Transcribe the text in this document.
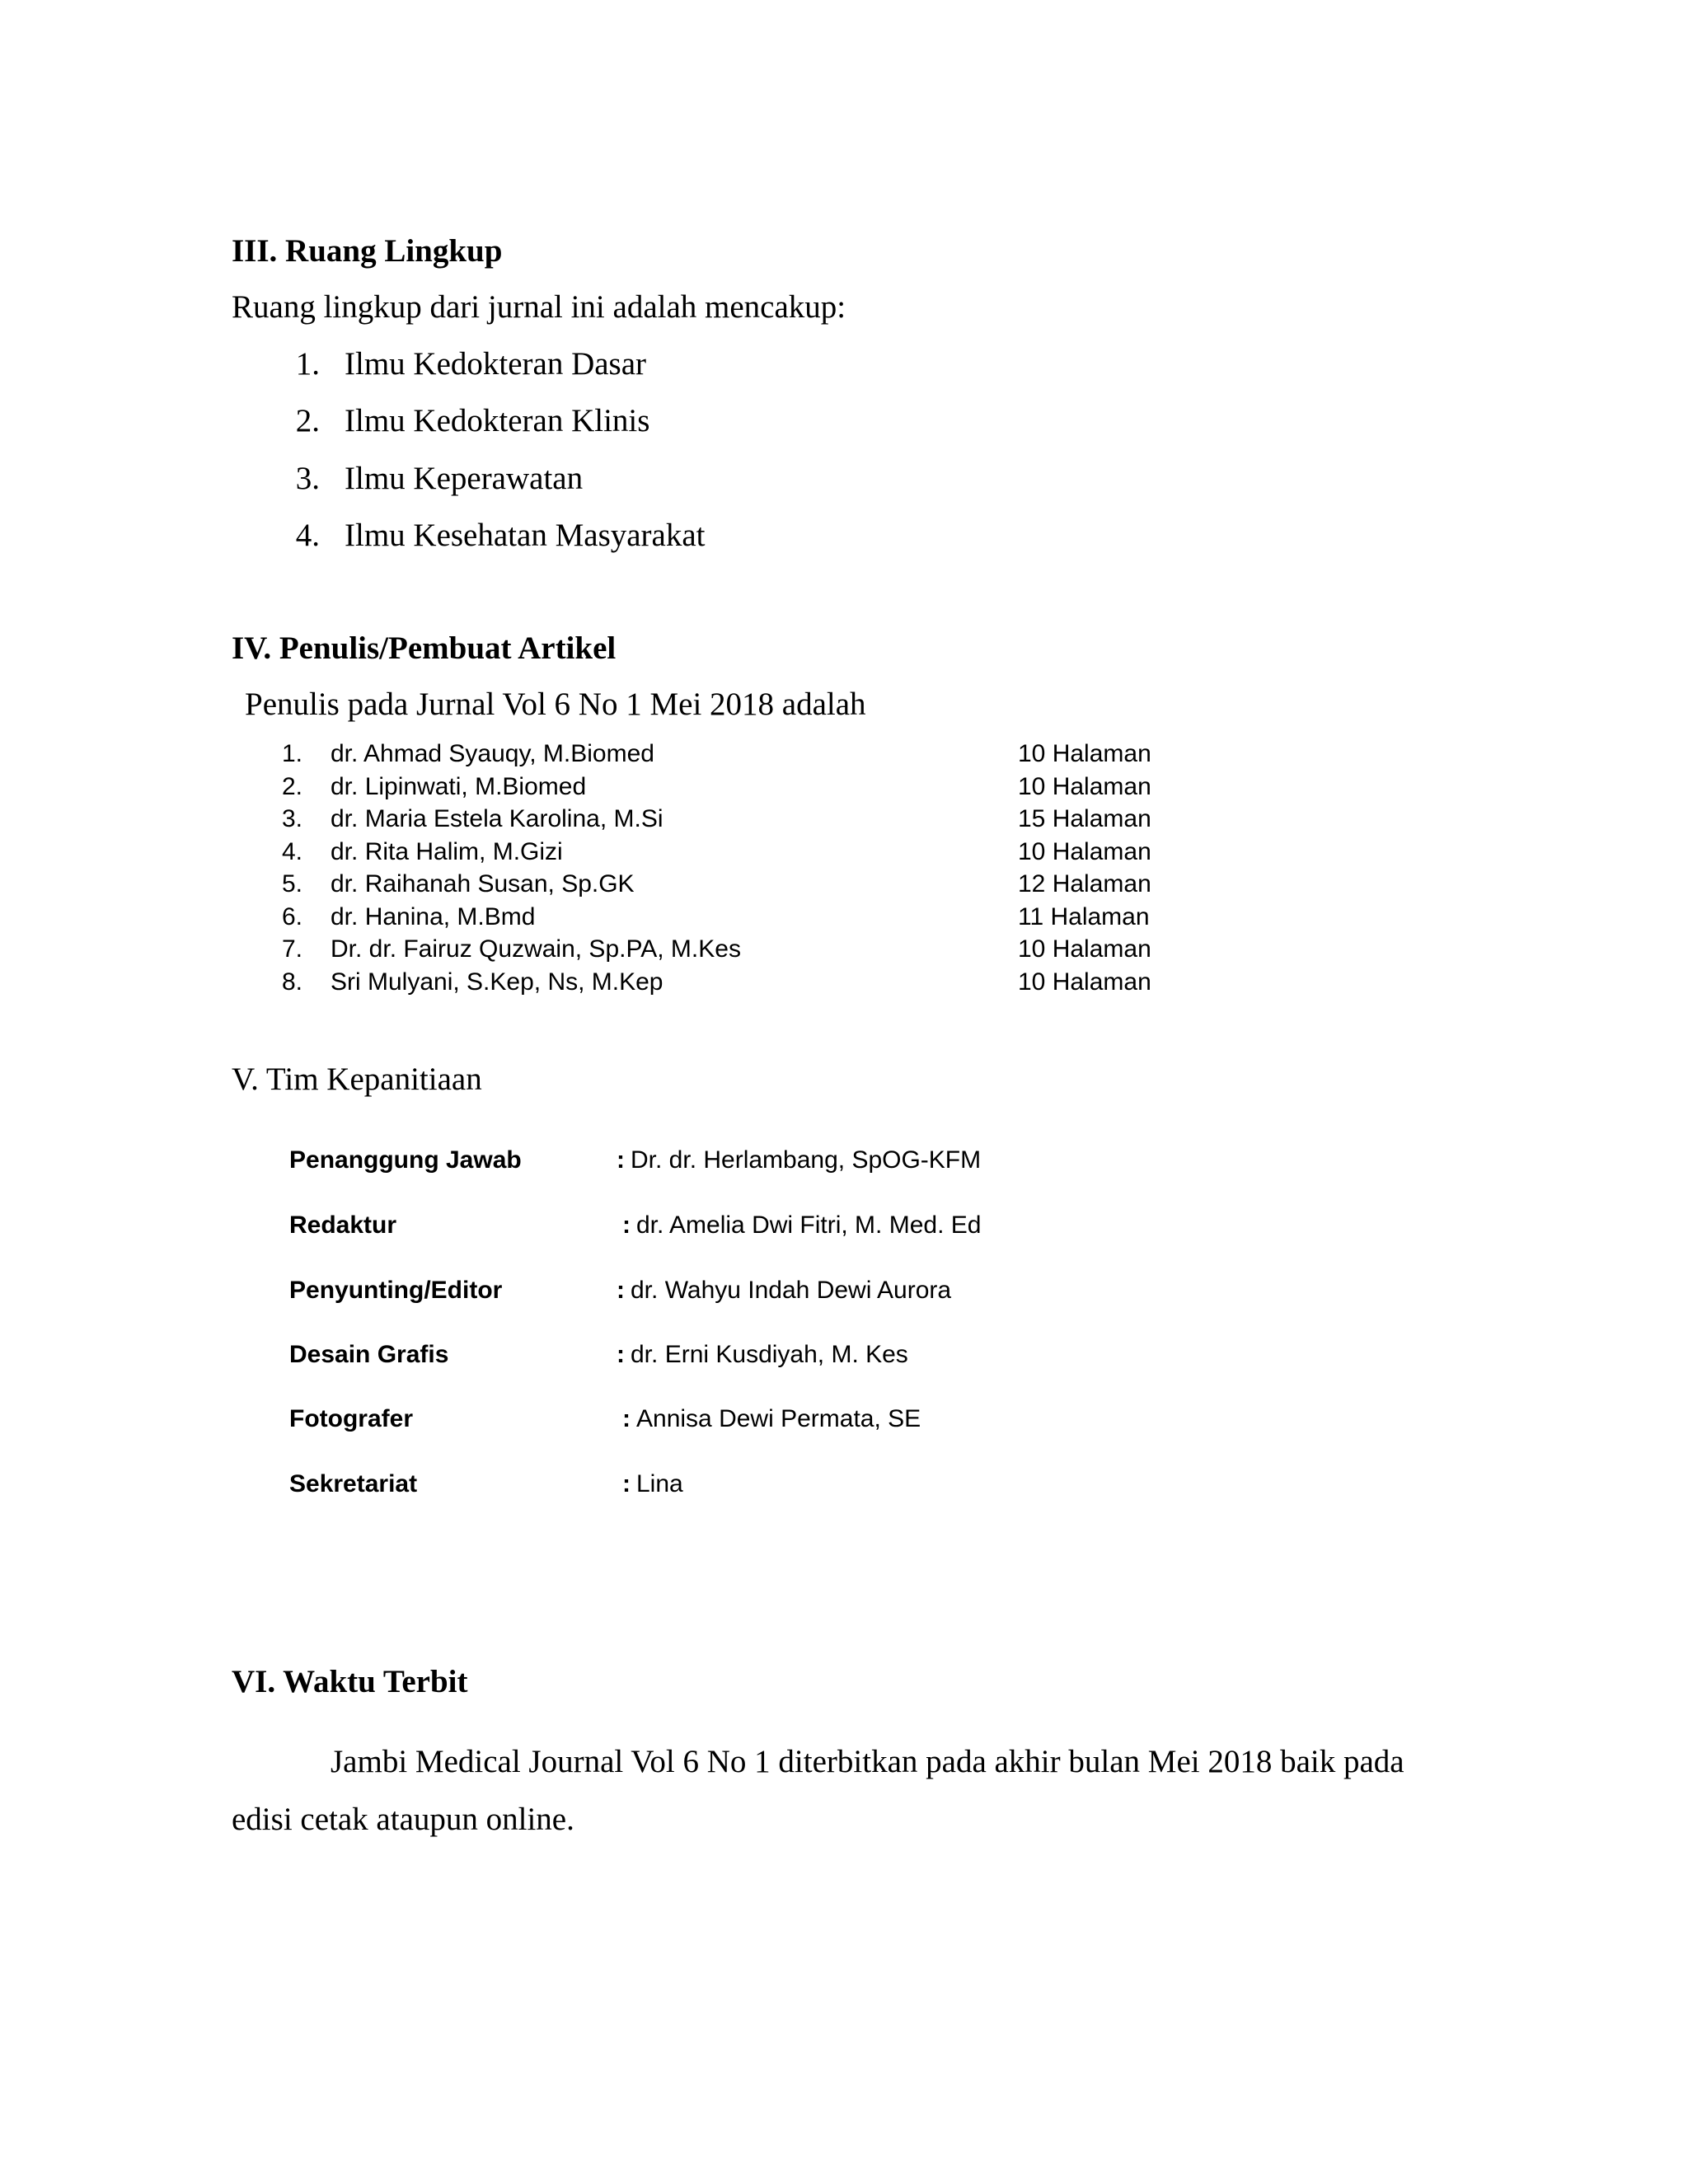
III. Ruang Lingkup
Ruang lingkup dari jurnal ini adalah mencakup:
1. Ilmu Kedokteran Dasar
2. Ilmu Kedokteran Klinis
3. Ilmu Keperawatan
4. Ilmu Kesehatan Masyarakat
IV. Penulis/Pembuat Artikel
Penulis pada Jurnal Vol 6 No 1 Mei 2018 adalah
1. dr. Ahmad Syauqy, M.Biomed	10 Halaman
2. dr. Lipinwati, M.Biomed	10 Halaman
3. dr. Maria Estela Karolina, M.Si	15 Halaman
4. dr. Rita Halim, M.Gizi	10 Halaman
5. dr. Raihanah Susan, Sp.GK	12 Halaman
6. dr. Hanina, M.Bmd	11 Halaman
7. Dr. dr. Fairuz Quzwain, Sp.PA, M.Kes	10 Halaman
8. Sri Mulyani, S.Kep, Ns, M.Kep	10 Halaman
V. Tim Kepanitiaan
Penanggung Jawab	: Dr. dr. Herlambang, SpOG-KFM
Redaktur	: dr. Amelia Dwi Fitri, M. Med. Ed
Penyunting/Editor	: dr. Wahyu Indah Dewi Aurora
Desain Grafis	: dr. Erni Kusdiyah, M. Kes
Fotografer	: Annisa Dewi Permata, SE
Sekretariat	: Lina
VI. Waktu Terbit
Jambi Medical Journal Vol 6 No 1 diterbitkan pada akhir bulan Mei 2018 baik pada edisi cetak ataupun online.
